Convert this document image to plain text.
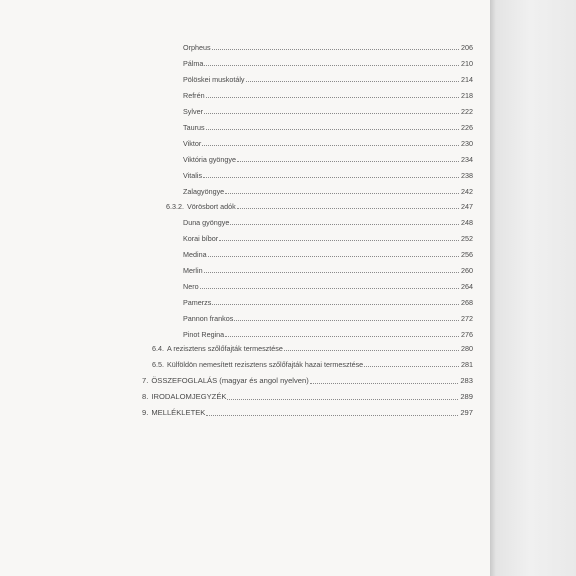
Orpheus	206
Pálma	210
Pölöskei muskotály	214
Refrén	218
Sylver	222
Taurus	226
Viktor	230
Viktória gyöngye	234
Vitalis	238
Zalagyöngye	242
6.3.2. Vörösbort adók	247
Duna gyöngye	248
Korai bíbor	252
Medina	256
Merlin	260
Nero	264
Pamerzs	268
Pannon frankos	272
Pinot Regina	276
6.4. A rezisztens szőlőfajták termesztése	280
6.5. Külföldön nemesített rezisztens szőlőfajták hazai termesztése	281
7. ÖSSZEFOGLALÁS (magyar és angol nyelven)	283
8. IRODALOMJEGYZÉK	289
9. MELLÉKLETEK	297
